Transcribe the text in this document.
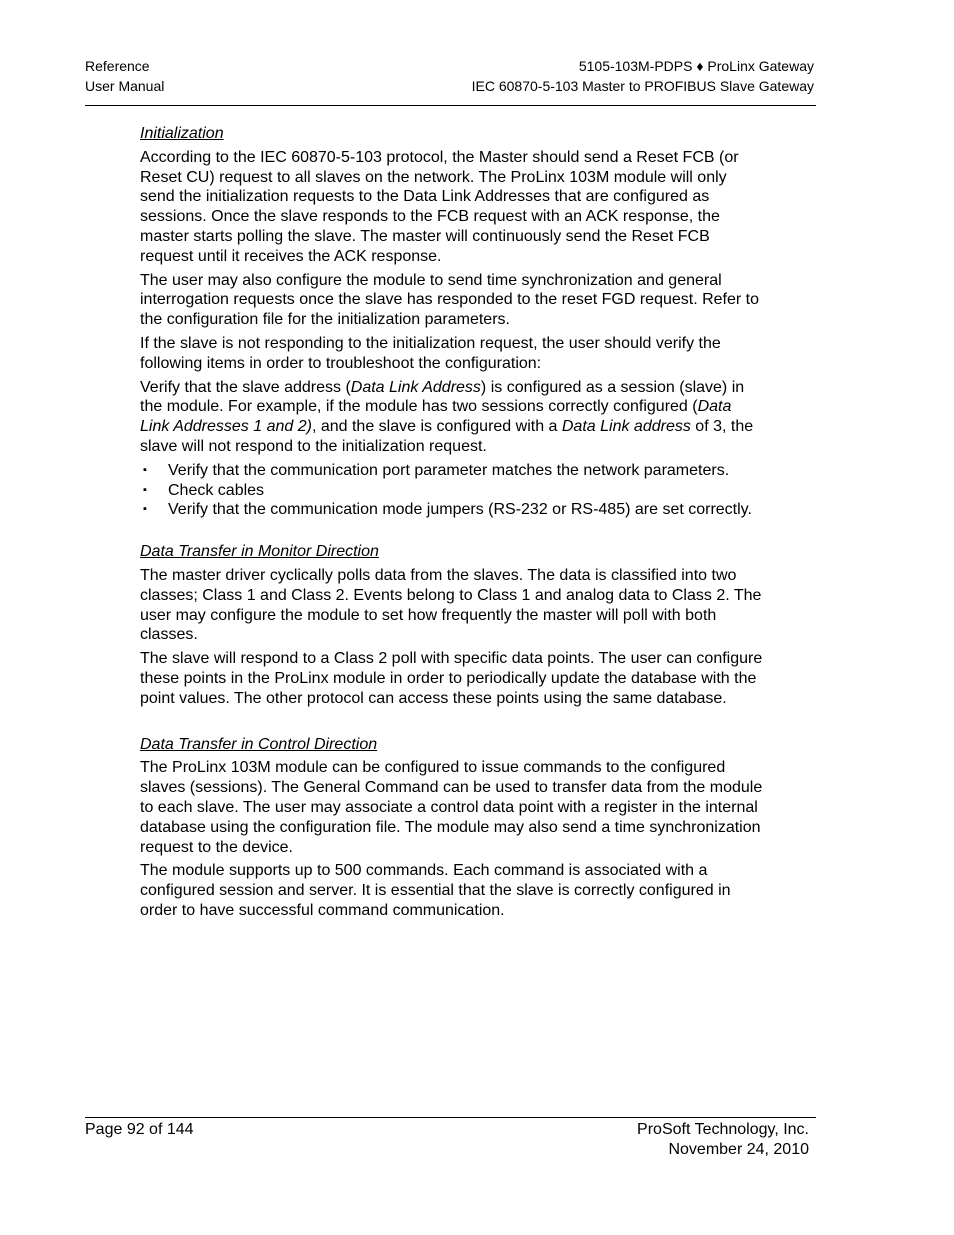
Reference
User Manual
5105-103M-PDPS ♦ ProLinx Gateway
IEC 60870-5-103 Master to PROFIBUS Slave Gateway
Initialization

According to the IEC 60870-5-103 protocol, the Master should send a Reset FCB (or Reset CU) request to all slaves on the network. The ProLinx 103M module will only send the initialization requests to the Data Link Addresses that are configured as sessions. Once the slave responds to the FCB request with an ACK response, the master starts polling the slave. The master will continuously send the Reset FCB request until it receives the ACK response.

The user may also configure the module to send time synchronization and general interrogation requests once the slave has responded to the reset FGD request. Refer to the configuration file for the initialization parameters.

If the slave is not responding to the initialization request, the user should verify the following items in order to troubleshoot the configuration:

Verify that the slave address (Data Link Address) is configured as a session (slave) in the module. For example, if the module has two sessions correctly configured (Data Link Addresses 1 and 2), and the slave is configured with a Data Link address of 3, the slave will not respond to the initialization request.

▪ Verify that the communication port parameter matches the network parameters.
▪ Check cables
▪ Verify that the communication mode jumpers (RS-232 or RS-485) are set correctly.
Data Transfer in Monitor Direction

The master driver cyclically polls data from the slaves. The data is classified into two classes; Class 1 and Class 2. Events belong to Class 1 and analog data to Class 2. The user may configure the module to set how frequently the master will poll with both classes.

The slave will respond to a Class 2 poll with specific data points. The user can configure these points in the ProLinx module in order to periodically update the database with the point values. The other protocol can access these points using the same database.

Data Transfer in Control Direction

The ProLinx 103M module can be configured to issue commands to the configured slaves (sessions). The General Command can be used to transfer data from the module to each slave. The user may associate a control data point with a register in the internal database using the configuration file. The module may also send a time synchronization request to the device.

The module supports up to 500 commands. Each command is associated with a configured session and server. It is essential that the slave is correctly configured in order to have successful command communication.

Page 92 of 144	ProSoft Technology, Inc.
November 24, 2010
